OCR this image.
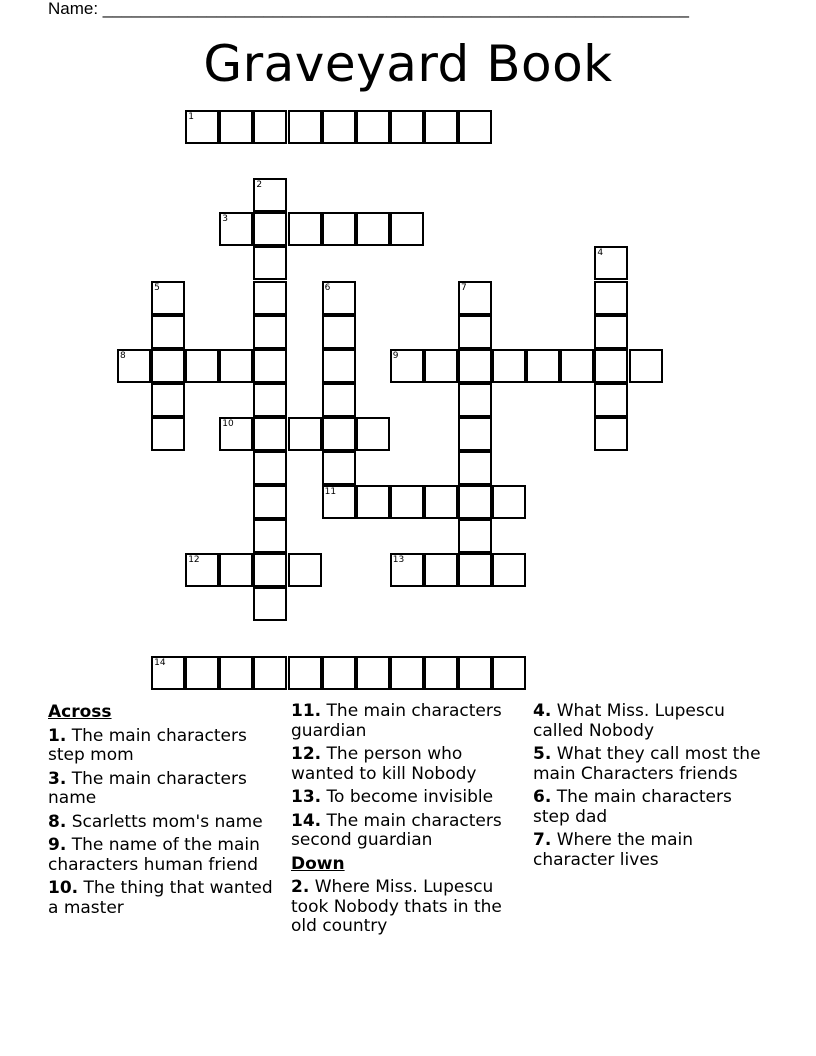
Name: ______________________________________________________________
Graveyard Book
1
2
3
4
5	6
11
7
8	9
10
12	13
14
Across
1. The main characters step mom
3. The main characters name
8. Scarletts mom's name
9. The name of the main characters human friend
10. The thing that wanted a master
11. The main characters guardian
12. The person who wanted to kill Nobody
13. To become invisible
14. The main characters second guardian
Down
2. Where Miss. Lupescu took Nobody thats in the old country
4. What Miss. Lupescu called Nobody
5. What they call most the main Characters friends
6. The main characters step dad
7. Where the main character lives
